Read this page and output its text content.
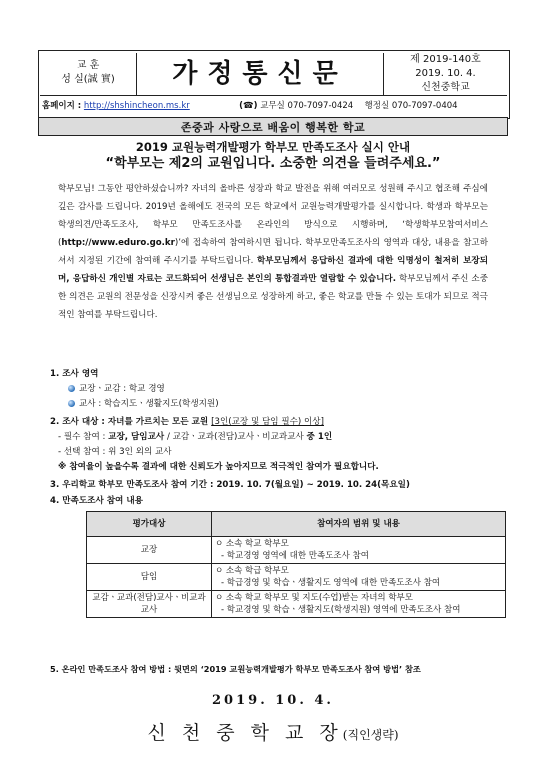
교 훈
성 실(誠 實)	가정통신문	제 2019-140호
2019. 10. 4.
신천중학교
홈페이지 : http://shshincheon.ms.kr	(☎) 교무실 070-7097-0424 행정실 070-7097-0404
존중과 사랑으로 배움이 행복한 학교
2019 교원능력개발평가 학부모 만족도조사 실시 안내
“학부모는 제2의 교원입니다. 소중한 의견을 들려주세요.”
학부모님! 그동안 평안하셨습니까? 자녀의 올바른 성장과 학교 발전을 위해 여러모로 성원해 주시고 협조해 주심에 깊은 감사를 드립니다. 2019년 올해에도 전국의 모든 학교에서 교원능력개발평가를 실시합니다. 학생과 학부모는 학생의견/만족도조사, 학부모 만족도조사를 온라인의 방식으로 시행하며, ‘학생학부모참여서비스 (http://www.eduro.go.kr)’에 접속하여 참여하시면 됩니다. 학부모만족도조사의 영역과 대상, 내용을 참고하셔서 지정된 기간에 참여해 주시기를 부탁드립니다. 학부모님께서 응답하신 결과에 대한 익명성이 철저히 보장되며, 응답하신 개인별 자료는 코드화되어 선생님은 본인의 통합결과만 열람할 수 있습니다. 학부모님께서 주신 소중한 의견은 교원의 전문성을 신장시켜 좋은 선생님으로 성장하게 하고, 좋은 학교를 만들 수 있는 토대가 되므로 적극적인 참여를 부탁드립니다.
1. 조사 영역
교장ㆍ교감 : 학교 경영
교사 : 학습지도ㆍ생활지도(학생지원)
2. 조사 대상 : 자녀를 가르치는 모든 교원 [3인(교장 및 담임 필수) 이상]
- 필수 참여 : 교장, 담임교사 / 교감ㆍ교과(전담)교사ㆍ비교과교사 중 1인
- 선택 참여 : 위 3인 외의 교사
※ 참여율이 높을수록 결과에 대한 신뢰도가 높아지므로 적극적인 참여가 필요합니다.
3. 우리학교 학부모 만족도조사 참여 기간 : 2019. 10. 7(월요일) ~ 2019. 10. 24(목요일)
4. 만족도조사 참여 내용
평가대상	참여자의 범위 및 내용
교장	ㅇ 소속 학교 학부모
- 학교경영 영역에 대한 만족도조사 참여

담임	ㅇ 소속 학급 학부모
- 학급경영 및 학습ㆍ생활지도 영역에 대한 만족도조사 참여

교감ㆍ교과(전담)교사ㆍ비교과교사	ㅇ 소속 학교 학부모 및 지도(수업)받는 자녀의 학부모
- 학교경영 및 학습ㆍ생활지도(학생지원) 영역에 만족도조사 참여
5. 온라인 만족도조사 참여 방법 : 뒷면의 ‘2019 교원능력개발평가 학부모 만족도조사 참여 방법’ 참조
2019. 10. 4.
신 천 중 학 교 장(직인생략)
